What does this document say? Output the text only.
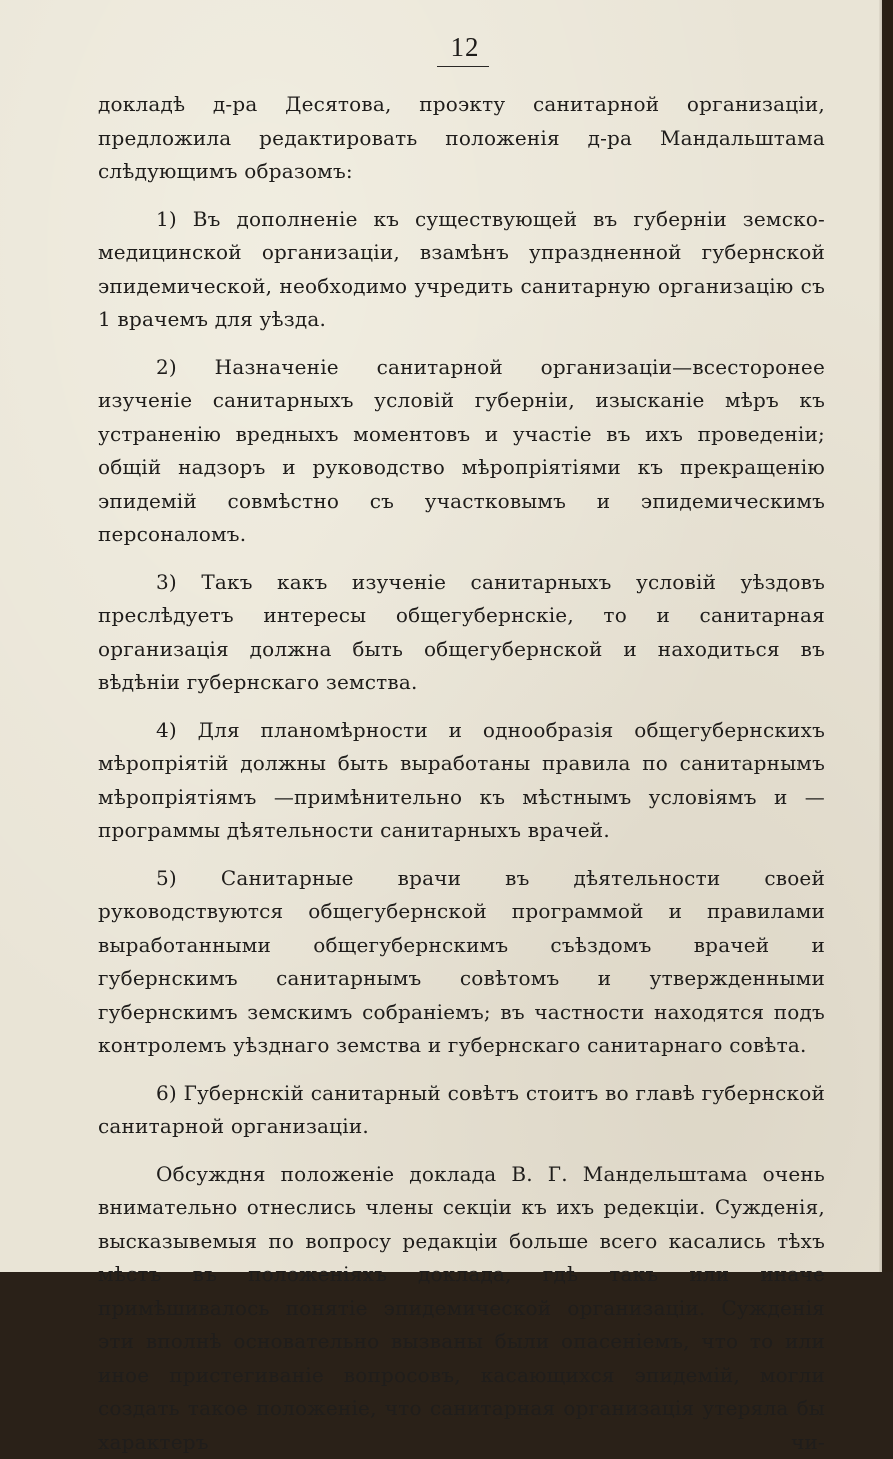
12

докладѣ д-ра Десятова, проэкту санитарной организаціи, предложила редактировать положенія д-ра Мандальштама слѣдующимъ образомъ:

1) Въ дополненіе къ существующей въ губерніи земско-медицинской организаціи, взамѣнъ упраздненной губернской эпидемической, необходимо учредить санитарную организацію съ 1 врачемъ для уѣзда.

2) Назначеніе санитарной организаціи—всесторонее изученіе санитарныхъ условій губерніи, изысканіе мѣръ къ устраненію вредныхъ моментовъ и участіе въ ихъ проведеніи; общій надзоръ и руководство мѣропріятіями къ прекращенію эпидемій совмѣстно съ участковымъ и эпидемическимъ персоналомъ.

3) Такъ какъ изученіе санитарныхъ условій уѣздовъ преслѣдуетъ интересы общегубернскіе, то и санитарная организація должна быть общегубернской и находиться въ вѣдѣніи губернскаго земства.

4) Для планомѣрности и однообразія общегубернскихъ мѣропріятій должны быть выработаны правила по санитарнымъ мѣропріятіямъ —примѣнительно къ мѣстнымъ условіямъ и —программы дѣятельности санитарныхъ врачей.

5) Санитарные врачи въ дѣятельности своей руководствуются общегубернской программой и правилами выработанными общегубернскимъ съѣздомъ врачей и губернскимъ санитарнымъ совѣтомъ и утвержденными губернскимъ земскимъ собраніемъ; въ частности находятся подъ контролемъ уѣзднаго земства и губернскаго санитарнаго совѣта.

6) Губернскій санитарный совѣтъ стоитъ во главѣ губернской санитарной организаціи.

Обсуждня положеніе доклада В. Г. Мандельштама очень внимательно отнеслись члены секціи къ ихъ редекціи. Сужденія, высказывемыя по вопросу редакціи больше всего касались тѣхъ мѣстъ въ положеніяхъ доклада, гдѣ такъ или иначе примѣшивалось понятіе эпидемической организаціи. Сужденія эти вполнѣ основательно вызваны были опасеніемъ, что то или иное пристегиваніе вопросовъ, касающихся эпидемій, могли создать такое положеніе, что санитарная организація утеряла бы характеръ чи-
